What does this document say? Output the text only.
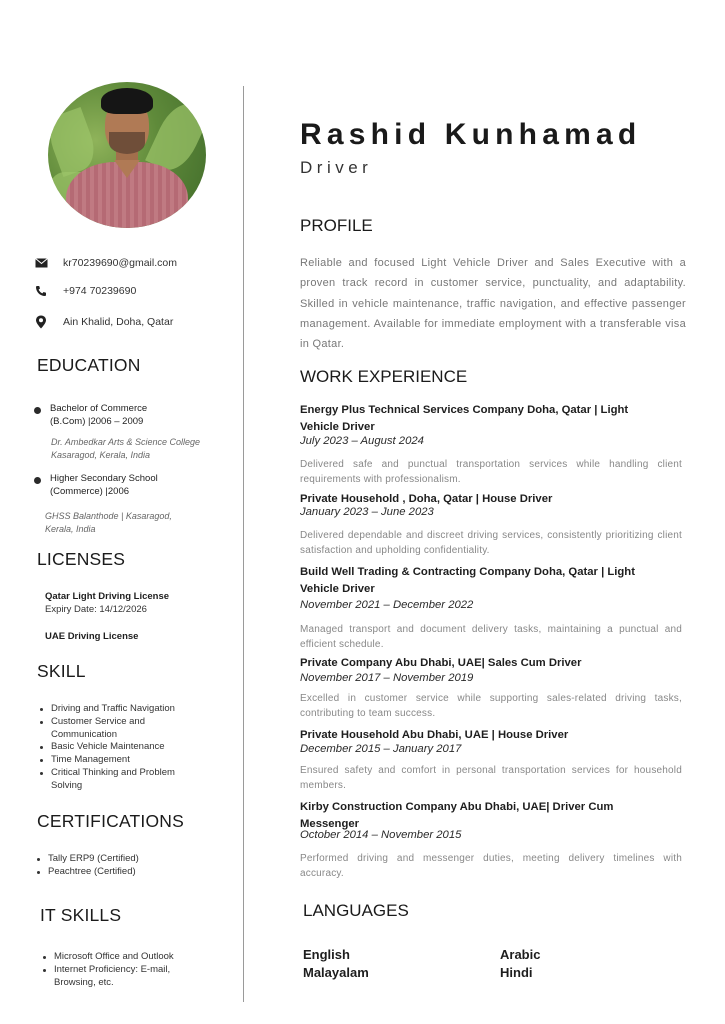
kr70239690@gmail.com
+974 70239690
Ain Khalid, Doha, Qatar
EDUCATION
Bachelor of Commerce
(B.Com) |2006 – 2009
Dr. Ambedkar Arts & Science College
Kasaragod, Kerala, India
Higher Secondary School
(Commerce) |2006
GHSS Balanthode | Kasaragod,
Kerala, India
LICENSES
Qatar Light Driving License
Expiry Date: 14/12/2026
UAE Driving License
SKILL
Driving and Traffic Navigation
Customer Service and
Communication
Basic Vehicle Maintenance
Time Management
Critical Thinking and Problem
Solving
CERTIFICATIONS
Tally ERP9 (Certified)
Peachtree (Certified)
IT SKILLS
Microsoft Office and Outlook
Internet Proficiency: E-mail,
Browsing, etc.
Rashid Kunhamad
Driver
PROFILE
Reliable and focused Light Vehicle Driver and Sales Executive with a proven track record in customer service, punctuality, and adaptability. Skilled in vehicle maintenance, traffic navigation, and effective passenger management. Available for immediate employment with a transferable visa in Qatar.
WORK EXPERIENCE
Energy Plus Technical Services Company Doha, Qatar | Light Vehicle Driver
July 2023 – August 2024
Delivered safe and punctual transportation services while handling client requirements with professionalism.
Private Household , Doha, Qatar | House Driver
January 2023 – June 2023
Delivered dependable and discreet driving services, consistently prioritizing client satisfaction and upholding confidentiality.
Build Well Trading & Contracting Company Doha, Qatar | Light Vehicle Driver
November 2021 – December 2022
Managed transport and document delivery tasks, maintaining a punctual and efficient schedule.
Private Company Abu Dhabi, UAE| Sales Cum Driver
November 2017 – November 2019
Excelled in customer service while supporting sales-related driving tasks, contributing to team success.
Private Household Abu Dhabi, UAE | House Driver
December 2015 – January 2017
Ensured safety and comfort in personal transportation services for household members.
Kirby Construction Company Abu Dhabi, UAE| Driver Cum Messenger
October 2014 – November 2015
Performed driving and messenger duties, meeting delivery timelines with accuracy.
LANGUAGES
English	Arabic
Malayalam	Hindi
